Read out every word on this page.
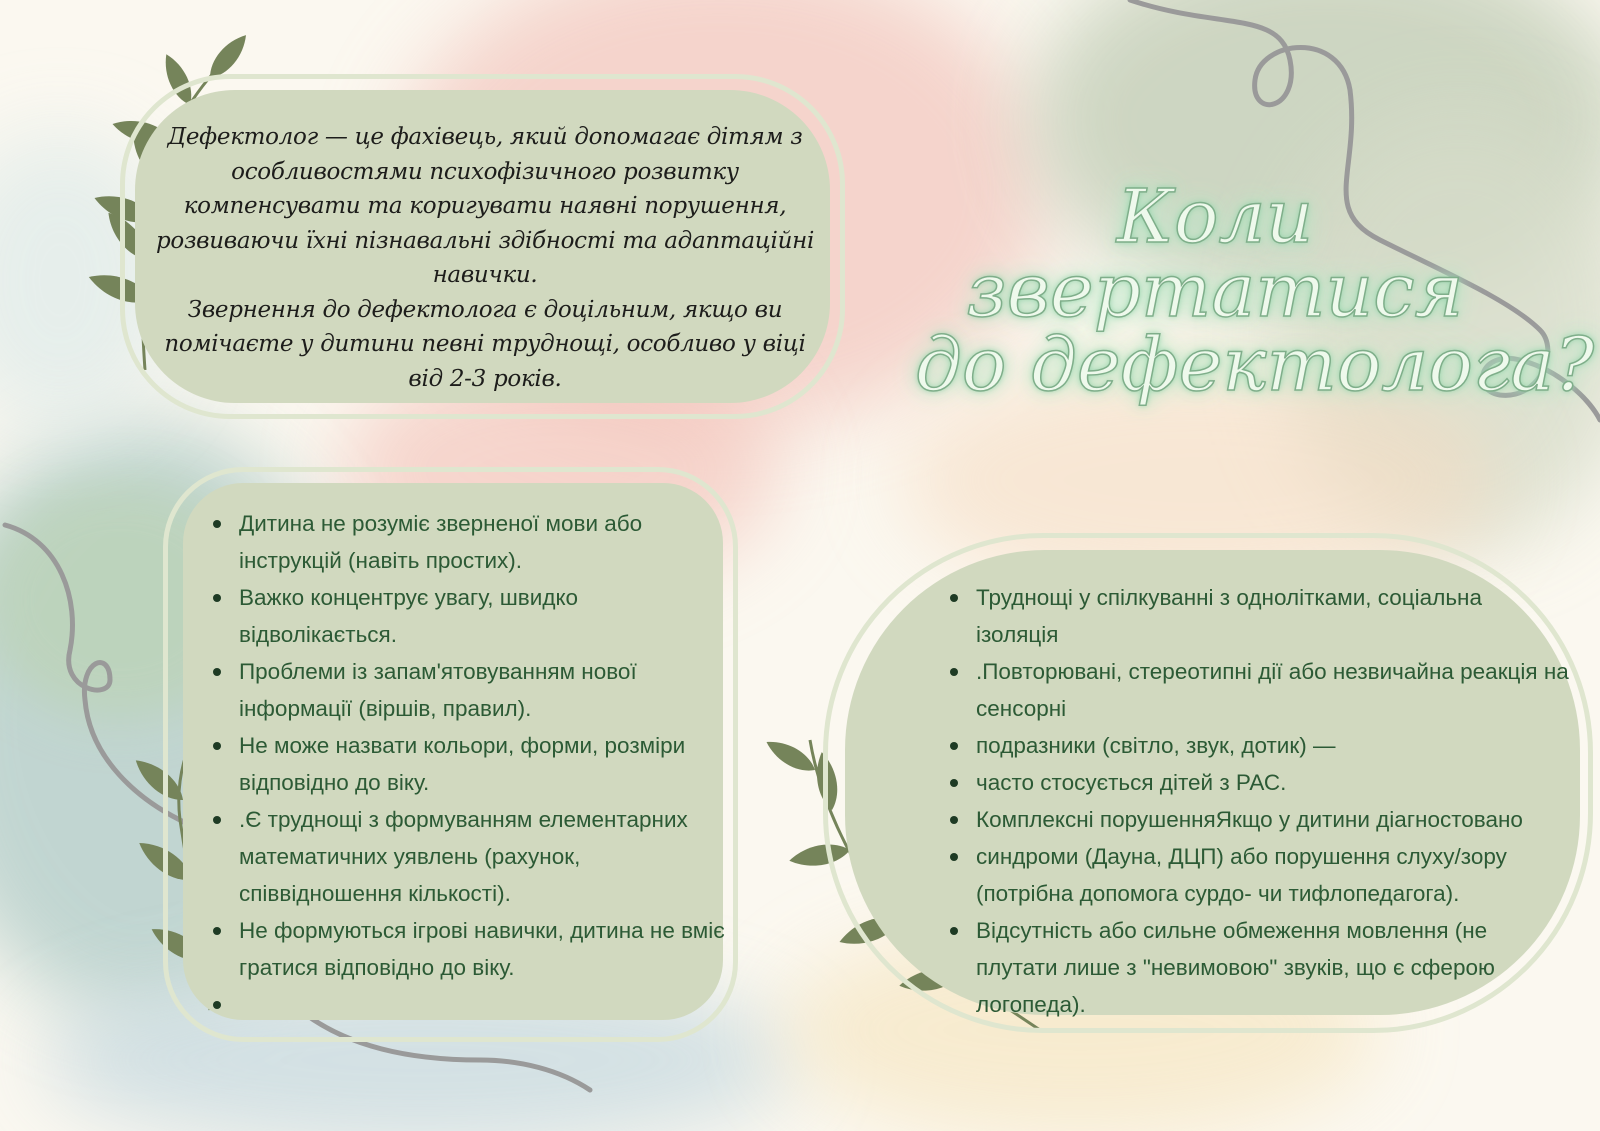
Дефектолог — це фахівець, який допомагає дітям з особливостями психофізичного розвитку компенсувати та коригувати наявні порушення, розвиваючи їхні пізнавальні здібності та адаптаційні навички.

Звернення до дефектолога є доцільним, якщо ви помічаєте у дитини певні труднощі, особливо у віці від 2-3 років.

Коли
звертатися
до дефектолога?
Дитина не розуміє зверненої мови або інструкцій (навіть простих).
Важко концентрує увагу, швидко відволікається.
Проблеми із запам'ятовуванням нової інформації (віршів, правил).
Не може назвати кольори, форми, розміри відповідно до віку.
.Є труднощі з формуванням елементарних математичних уявлень (рахунок, співвідношення кількості).
Не формуються ігрові навички, дитина не вміє гратися відповідно до віку.
Труднощі у спілкуванні з однолітками, соціальна ізоляція
.Повторювані, стереотипні дії або незвичайна реакція на сенсорні
подразники (світло, звук, дотик) —
часто стосується дітей з РАС.
Комплексні порушенняЯкщо у дитини діагностовано
синдроми (Дауна, ДЦП) або порушення слуху/зору (потрібна допомога сурдо- чи тифлопедагога).
Відсутність або сильне обмеження мовлення (не плутати лише з "невимовою" звуків, що є сферою логопеда).
